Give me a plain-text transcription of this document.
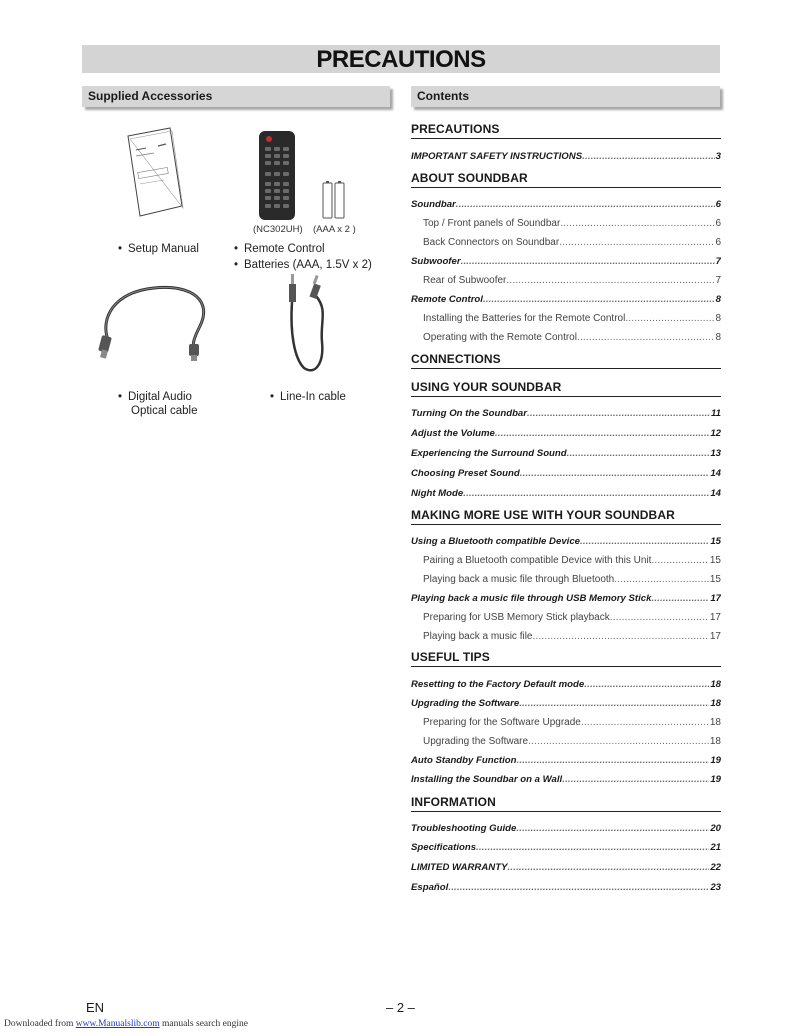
PRECAUTIONS
Supplied Accessories	Contents
• Setup Manual
(NC302UH) (AAA x 2 )
• Remote Control
• Batteries (AAA, 1.5V x 2)
• Digital Audio
Optical cable
• Line-In cable
PRECAUTIONS
IMPORTANT SAFETY INSTRUCTIONS .....	3
ABOUT SOUNDBAR
Soundbar .....	6
Top / Front panels of Soundbar .....	6
Back Connectors on Soundbar .....	6
Subwoofer .....	7
Rear of Subwoofer .....	7
Remote Control .....	8
Installing the Batteries for the Remote Control .....	8
Operating with the Remote Control .....	8
CONNECTIONS
USING YOUR SOUNDBAR
Turning On the Soundbar .....	11
Adjust the Volume .....	12
Experiencing the Surround Sound .....	13
Choosing Preset Sound .....	14
Night Mode .....	14
MAKING MORE USE WITH YOUR SOUNDBAR
Using a Bluetooth compatible Device .....	15
Pairing a Bluetooth compatible Device with this Unit .....	15
Playing back a music file through Bluetooth .....	15
Playing back a music file through USB Memory Stick .....	17
Preparing for USB Memory Stick playback .....	17
Playing back a music file .....	17
USEFUL TIPS
Resetting to the Factory Default mode .....	18
Upgrading the Software .....	18
Preparing for the Software Upgrade .....	18
Upgrading the Software .....	18
Auto Standby Function .....	19
Installing the Soundbar on a Wall .....	19
INFORMATION
Troubleshooting Guide .....	20
Specifications .....	21
LIMITED WARRANTY .....	22
Español .....	23
EN	– 2 –
Downloaded from www.Manualslib.com manuals search engine
